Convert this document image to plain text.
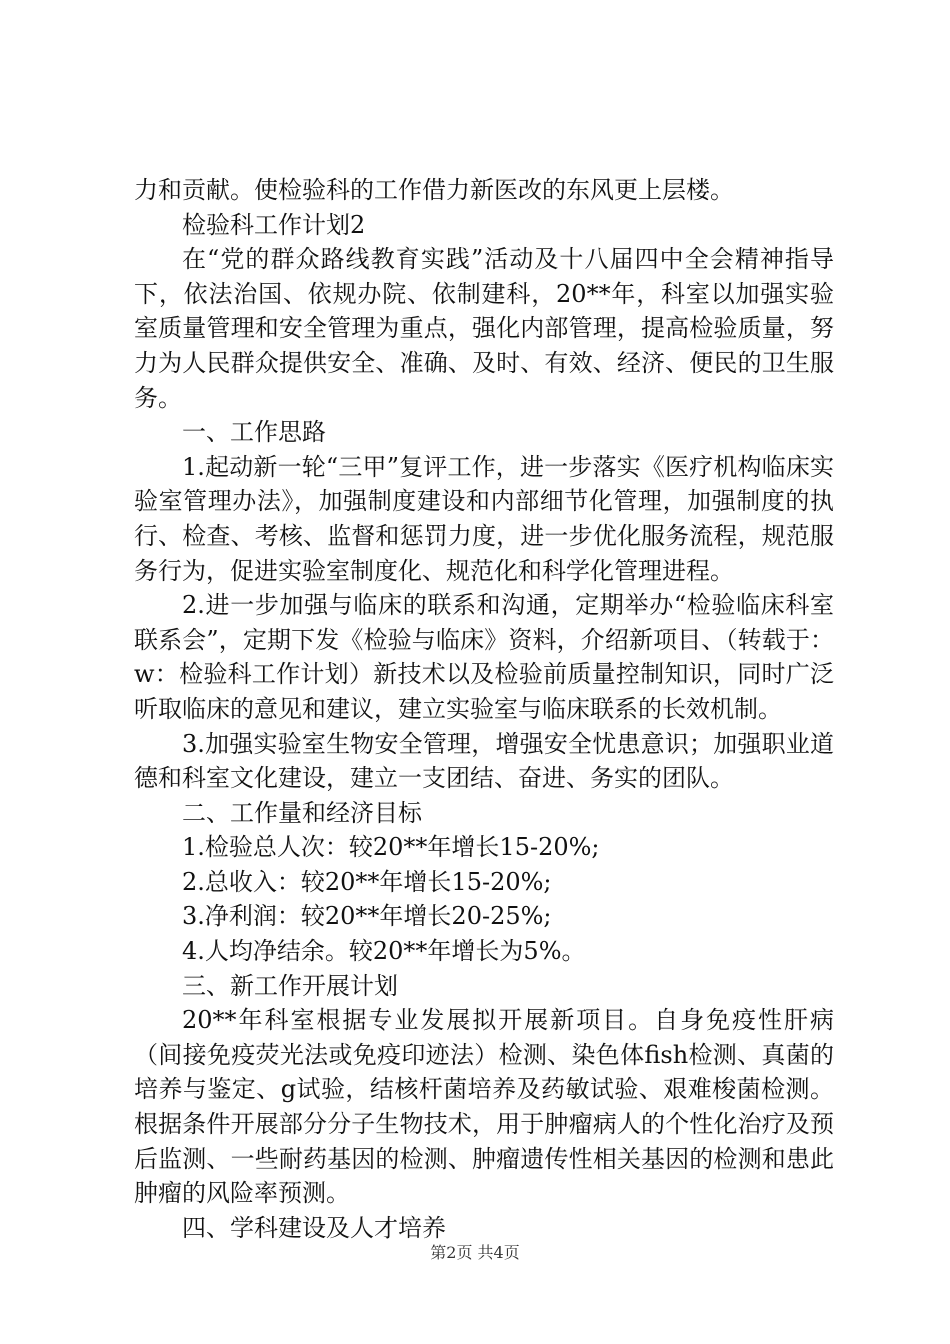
力和贡献。使检验科的工作借力新医改的东风更上层楼。

检验科工作计划2

在“党的群众路线教育实践”活动及十八届四中全会精神指导下，依法治国、依规办院、依制建科，20**年，科室以加强实验室质量管理和安全管理为重点，强化内部管理，提高检验质量，努力为人民群众提供安全、准确、及时、有效、经济、便民的卫生服务。

一、工作思路

1.起动新一轮“三甲”复评工作，进一步落实《医疗机构临床实验室管理办法》，加强制度建设和内部细节化管理，加强制度的执行、检查、考核、监督和惩罚力度，进一步优化服务流程，规范服务行为，促进实验室制度化、规范化和科学化管理进程。

2.进一步加强与临床的联系和沟通，定期举办“检验临床科室联系会”，定期下发《检验与临床》资料，介绍新项目、（转载于：w：检验科工作计划）新技术以及检验前质量控制知识，同时广泛听取临床的意见和建议，建立实验室与临床联系的长效机制。

3.加强实验室生物安全管理，增强安全忧患意识；加强职业道德和科室文化建设，建立一支团结、奋进、务实的团队。

二、工作量和经济目标

1.检验总人次：较20**年增长15-20%;

2.总收入：较20**年增长15-20%;

3.净利润：较20**年增长20-25%;

4.人均净结余。较20**年增长为5%。

三、新工作开展计划

20**年科室根据专业发展拟开展新项目。自身免疫性肝病（间接免疫荧光法或免疫印迹法）检测、染色体fish检测、真菌的培养与鉴定、g试验，结核杆菌培养及药敏试验、艰难梭菌检测。根据条件开展部分分子生物技术，用于肿瘤病人的个性化治疗及预后监测、一些耐药基因的检测、肿瘤遗传性相关基因的检测和患此肿瘤的风险率预测。

四、学科建设及人才培养

第2页 共4页
